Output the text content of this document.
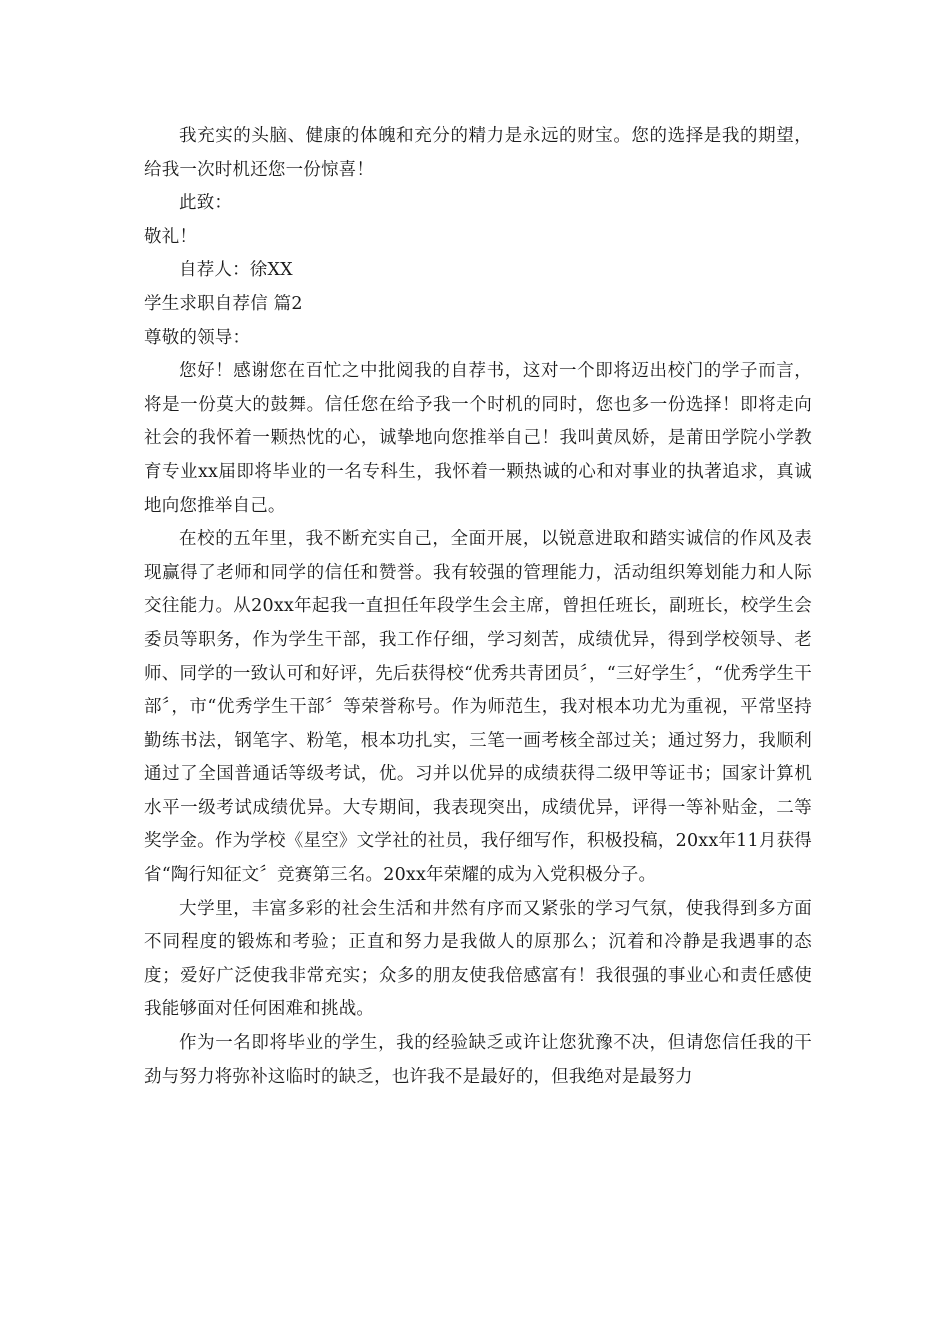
我充实的头脑、健康的体魄和充分的精力是永远的财宝。您的选择是我的期望，给我一次时机还您一份惊喜！

此致：

敬礼！

自荐人：徐XX

学生求职自荐信 篇2

尊敬的领导：

您好！感谢您在百忙之中批阅我的自荐书，这对一个即将迈出校门的学子而言，将是一份莫大的鼓舞。信任您在给予我一个时机的同时，您也多一份选择！即将走向社会的我怀着一颗热忱的心，诚挚地向您推举自己！我叫黄凤娇，是莆田学院小学教育专业xx届即将毕业的一名专科生，我怀着一颗热诚的心和对事业的执著追求，真诚地向您推举自己。

在校的五年里，我不断充实自己，全面开展，以锐意进取和踏实诚信的作风及表现赢得了老师和同学的信任和赞誉。我有较强的管理能力，活动组织筹划能力和人际交往能力。从20xx年起我一直担任年段学生会主席，曾担任班长，副班长，校学生会委员等职务，作为学生干部，我工作仔细，学习刻苦，成绩优异，得到学校领导、老师、同学的一致认可和好评，先后获得校“优秀共青团员〞，“三好学生〞，“优秀学生干部〞，市“优秀学生干部〞等荣誉称号。作为师范生，我对根本功尤为重视，平常坚持勤练书法，钢笔字、粉笔，根本功扎实，三笔一画考核全部过关；通过努力，我顺利通过了全国普通话等级考试，优。习并以优异的成绩获得二级甲等证书；国家计算机水平一级考试成绩优异。大专期间，我表现突出，成绩优异，评得一等补贴金，二等奖学金。作为学校《星空》文学社的社员，我仔细写作，积极投稿，20xx年11月获得省“陶行知征文〞竞赛第三名。20xx年荣耀的成为入党积极分子。

大学里，丰富多彩的社会生活和井然有序而又紧张的学习气氛，使我得到多方面不同程度的锻炼和考验；正直和努力是我做人的原那么；沉着和冷静是我遇事的态度；爱好广泛使我非常充实；众多的朋友使我倍感富有！我很强的事业心和责任感使我能够面对任何困难和挑战。

作为一名即将毕业的学生，我的经验缺乏或许让您犹豫不决，但请您信任我的干劲与努力将弥补这临时的缺乏，也许我不是最好的，但我绝对是最努力
